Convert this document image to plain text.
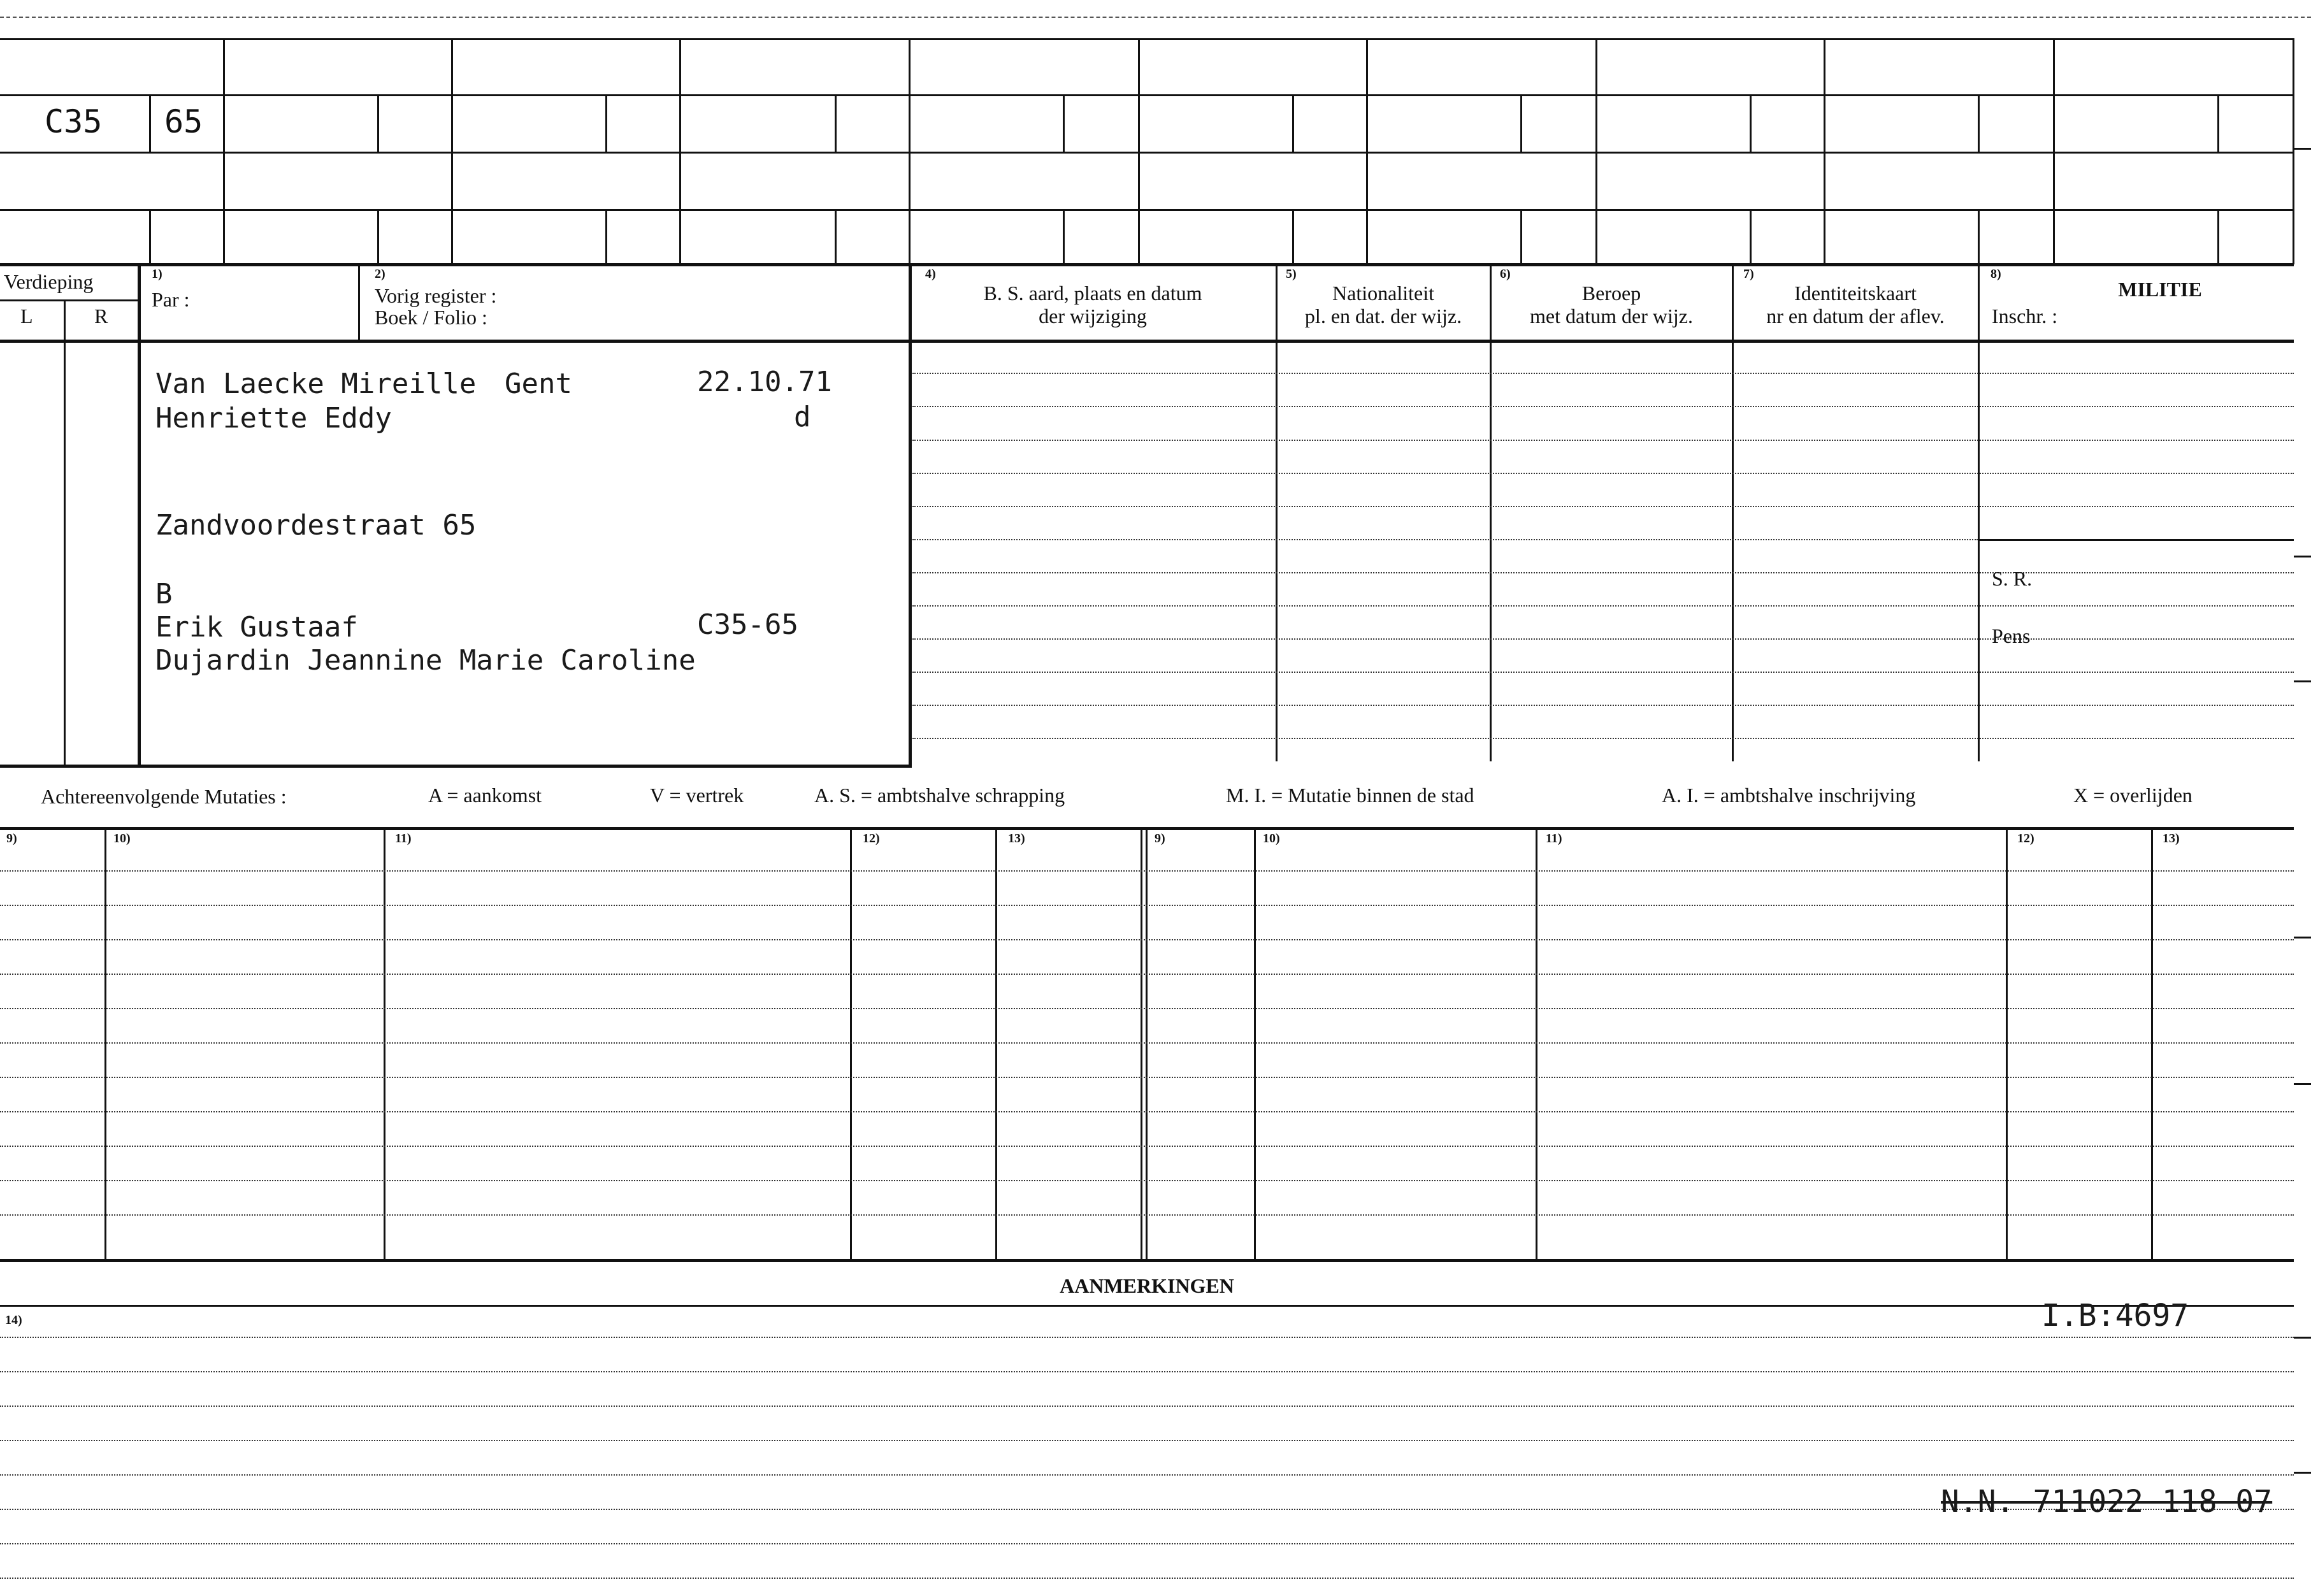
C35 65
Verdieping
L	R
1)
Par :
2)
Vorig register :
Boek / Folio :
4)
B. S. aard, plaats en datum
der wijziging
5)
Nationaliteit
pl. en dat. der wijz.
6)
Beroep
met datum der wijz.
7)
Identiteitskaart
nr en datum der aflev.
8)
MILITIE
Inschr. :
S. R.
Pens
Van Laecke Mireille Gent	22.10.71
Henriette Eddy	d
Zandvoordestraat 65
B
Erik Gustaaf	C35-65
Dujardin Jeannine Marie Caroline
Achtereenvolgende Mutaties :	A = aankomst	V = vertrek	A. S. = ambtshalve schrapping	M. I. = Mutatie binnen de stad	A. I. = ambtshalve inschrijving	X = overlijden
9)	10)	11)	12)	13)	9)	10)	11)	12)	13)
AANMERKINGEN
14)	I.B:4697
N.N. 711022 118 07
